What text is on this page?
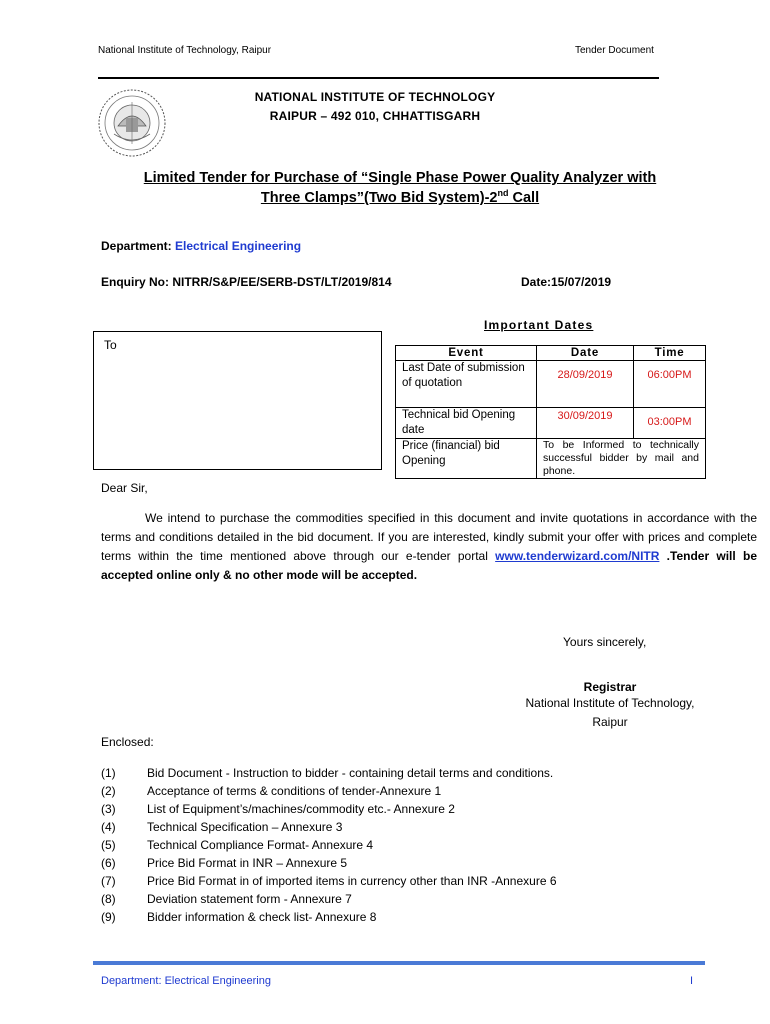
National Institute of Technology, Raipur	Tender Document
NATIONAL INSTITUTE OF TECHNOLOGY
RAIPUR – 492 010, CHHATTISGARH
Limited Tender for Purchase of “Single Phase Power Quality Analyzer with
Three Clamps”(Two Bid System)-2nd Call
Department: Electrical Engineering
Enquiry No: NITRR/S&P/EE/SERB-DST/LT/2019/814	Date:15/07/2019
Important Dates
To
Event	Date	Time
Last Date of submission of quotation	28/09/2019	06:00PM
Technical bid Opening date	30/09/2019	03:00PM
Price (financial) bid Opening	To be Informed to technically successful bidder by mail and phone.	
Dear Sir,
We intend to purchase the commodities specified in this document and invite quotations in accordance with the terms and conditions detailed in the bid document. If you are interested, kindly submit your offer with prices and complete terms within the time mentioned above through our e-tender portal www.tenderwizard.com/NITR .Tender will be accepted online only & no other mode will be accepted.
Yours sincerely,
Registrar
National Institute of Technology,
Raipur
Enclosed:
(1)	Bid Document - Instruction to bidder - containing detail terms and conditions.
(2)	Acceptance of terms & conditions of tender-Annexure 1
(3)	List of Equipment’s/machines/commodity etc.- Annexure 2
(4)	Technical Specification – Annexure 3
(5)	Technical Compliance Format- Annexure 4
(6)	Price Bid Format in INR – Annexure 5
(7)	Price Bid Format in of imported items in currency other than INR -Annexure 6
(8)	Deviation statement form - Annexure 7
(9)	Bidder information & check list- Annexure 8
Department: Electrical Engineering	I
